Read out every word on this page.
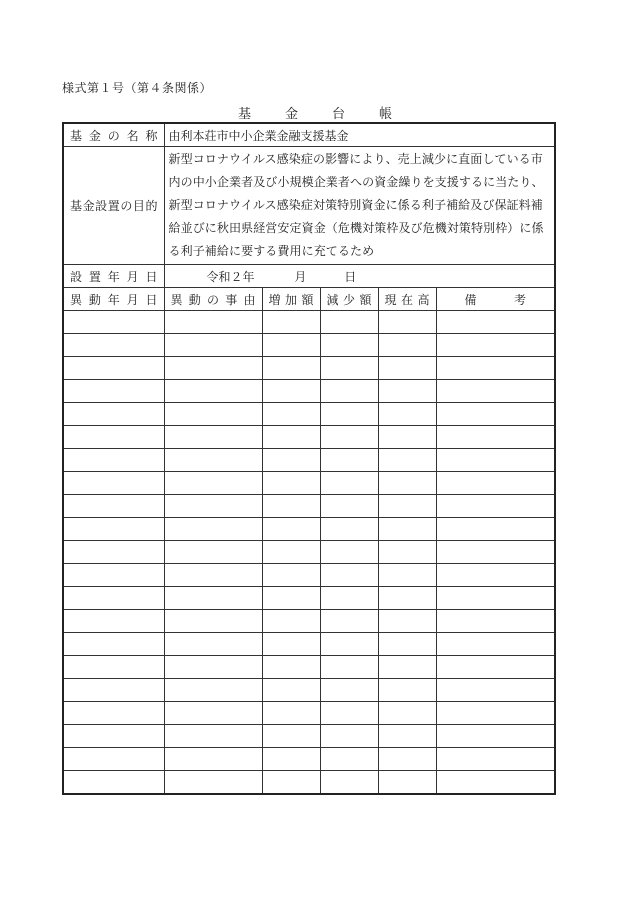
様式第１号（第４条関係）
基金台帳
基金の名称	由利本荘市中小企業金融支援基金				
基金設置の目的	新型コロナウイルス感染症の影響により、売上減少に直面している市
内の中小企業者及び小規模企業者への資金繰りを支援するに当たり、
新型コロナウイルス感染症対策特別資金に係る利子補給及び保証料補
給並びに秋田県経営安定資金（危機対策枠及び危機対策特別枠）に係
る利子補給に要する費用に充てるため				

設置年月日	令和２年 月 日				
異動年月日	異動の事由	増加額	減少額	現在高	備考
